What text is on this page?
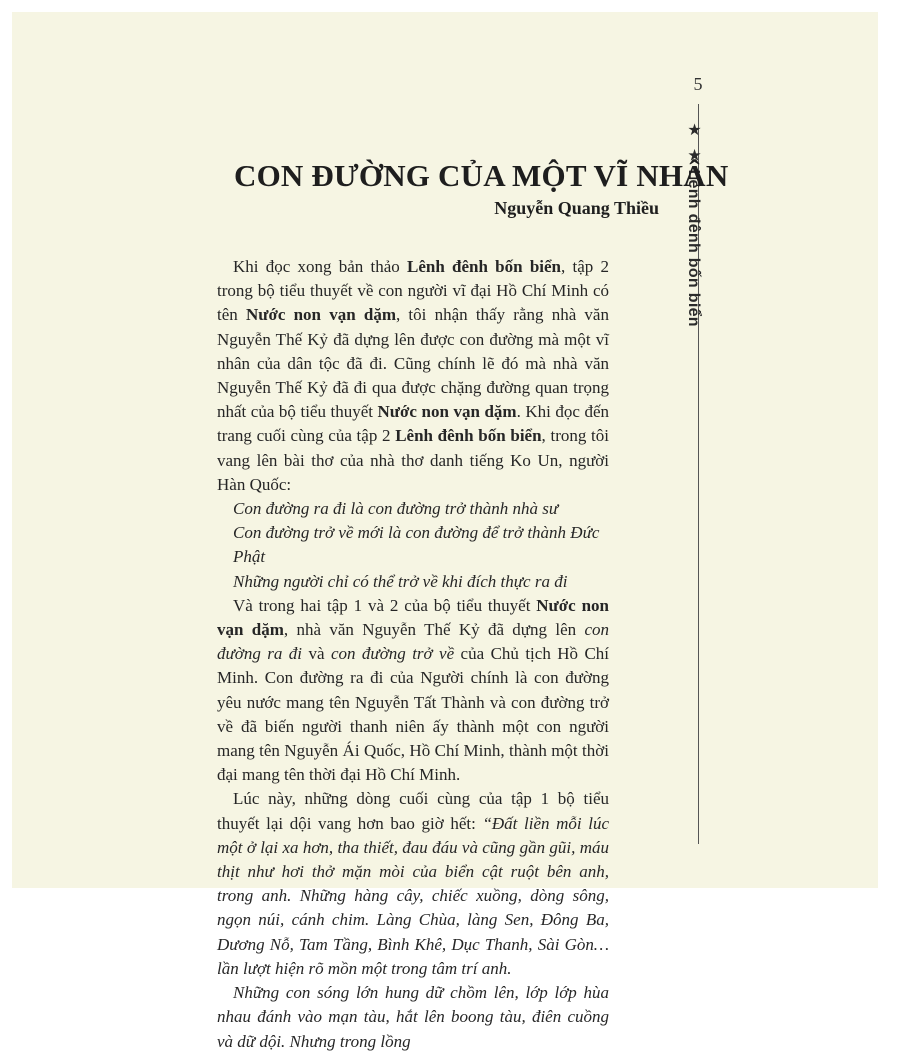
5
★ ★Lênh đênh bốn biển
CON ĐƯỜNG CỦA MỘT VĨ NHÂN
Nguyễn Quang Thiều

Khi đọc xong bản thảo Lênh đênh bốn biển, tập 2 trong bộ tiểu thuyết về con người vĩ đại Hồ Chí Minh có tên Nước non vạn dặm, tôi nhận thấy rằng nhà văn Nguyễn Thế Kỷ đã dựng lên được con đường mà một vĩ nhân của dân tộc đã đi. Cũng chính lẽ đó mà nhà văn Nguyễn Thế Kỷ đã đi qua được chặng đường quan trọng nhất của bộ tiểu thuyết Nước non vạn dặm. Khi đọc đến trang cuối cùng của tập 2 Lênh đênh bốn biển, trong tôi vang lên bài thơ của nhà thơ danh tiếng Ko Un, người Hàn Quốc:

Con đường ra đi là con đường trở thành nhà sư

Con đường trở về mới là con đường để trở thành Đức Phật

Những người chỉ có thể trở về khi đích thực ra đi

Và trong hai tập 1 và 2 của bộ tiểu thuyết Nước non vạn dặm, nhà văn Nguyễn Thế Kỷ đã dựng lên con đường ra đi và con đường trở về của Chủ tịch Hồ Chí Minh. Con đường ra đi của Người chính là con đường yêu nước mang tên Nguyễn Tất Thành và con đường trở về đã biến người thanh niên ấy thành một con người mang tên Nguyễn Ái Quốc, Hồ Chí Minh, thành một thời đại mang tên thời đại Hồ Chí Minh.

Lúc này, những dòng cuối cùng của tập 1 bộ tiểu thuyết lại dội vang hơn bao giờ hết: “Đất liền mỗi lúc một ở lại xa hơn, tha thiết, đau đáu và cũng gần gũi, máu thịt như hơi thở mặn mòi của biển cật ruột bên anh, trong anh. Những hàng cây, chiếc xuồng, dòng sông, ngọn núi, cánh chim. Làng Chùa, làng Sen, Đông Ba, Dương Nỗ, Tam Tầng, Bình Khê, Dục Thanh, Sài Gòn… lần lượt hiện rõ mồn một trong tâm trí anh.

Những con sóng lớn hung dữ chồm lên, lớp lớp hùa nhau đánh vào mạn tàu, hắt lên boong tàu, điên cuồng và dữ dội. Nhưng trong lồng
